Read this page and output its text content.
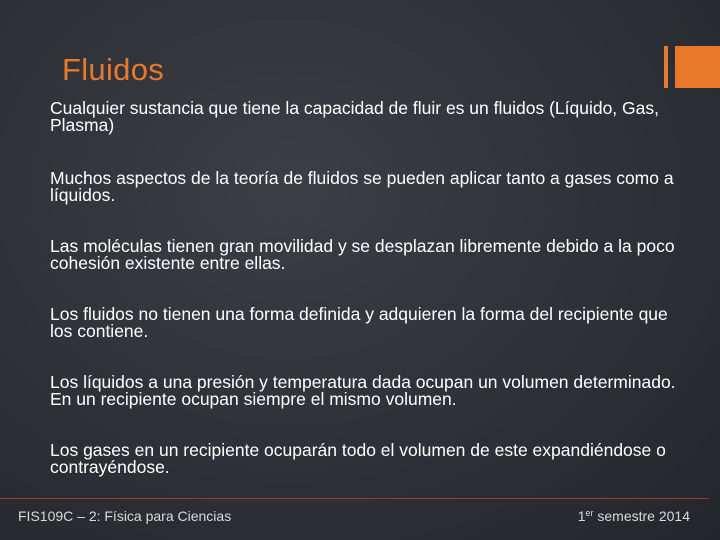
Fluidos
Cualquier sustancia que tiene la capacidad de fluir es un fluidos (Líquido, Gas, Plasma)
Muchos aspectos de la teoría de fluidos se pueden aplicar tanto a gases como a líquidos.
Las moléculas tienen gran movilidad y se desplazan libremente debido a la poco cohesión existente entre ellas.
Los fluidos no tienen una forma definida y adquieren la forma del recipiente que los contiene.
Los líquidos a una presión y temperatura dada ocupan un volumen determinado. En un recipiente ocupan siempre el mismo volumen.
Los gases en un recipiente ocuparán todo el volumen de este expandiéndose o contrayéndose.
FIS109C – 2: Física para Ciencias	1er semestre 2014
